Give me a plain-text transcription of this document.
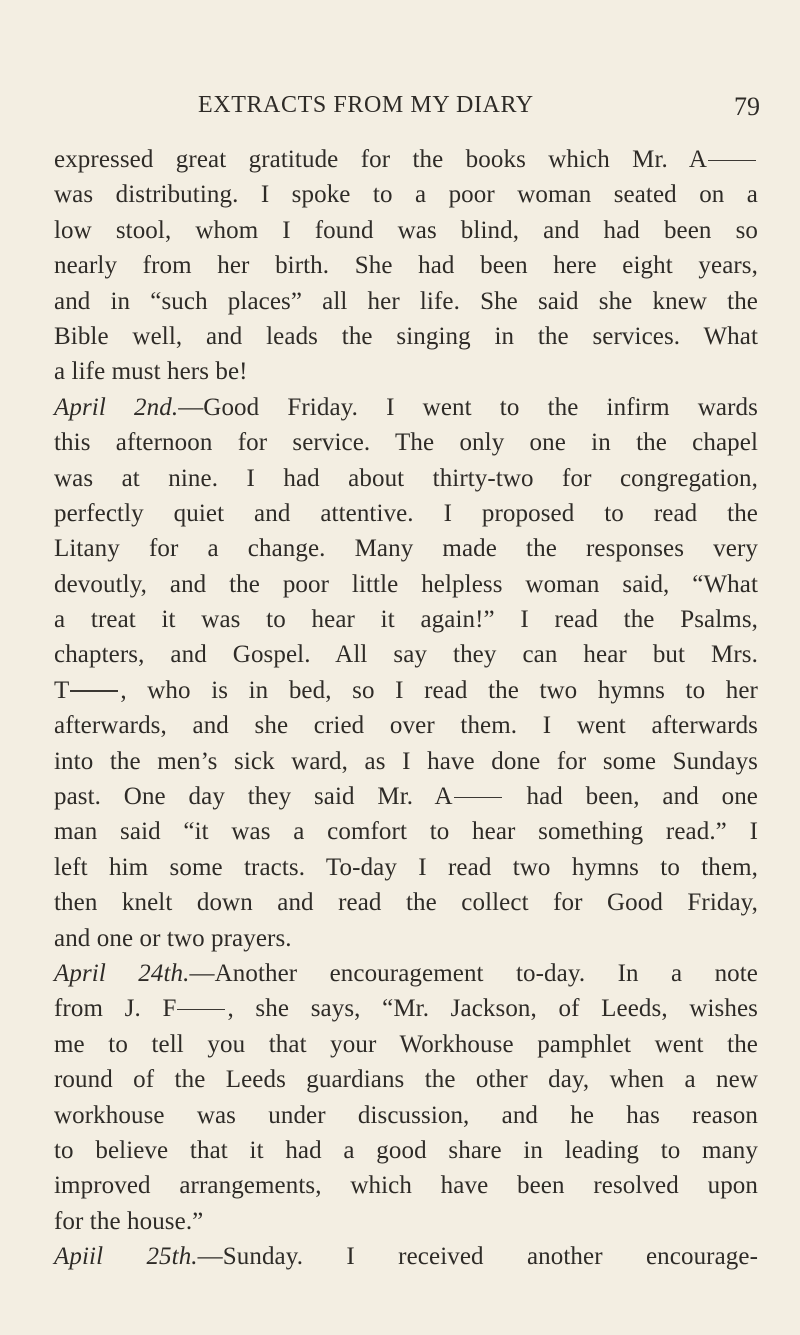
EXTRACTS FROM MY DIARY	79
expressed great gratitude for the books which Mr. A
was distributing. I spoke to a poor woman seated on a
low stool, whom I found was blind, and had been so
nearly from her birth. She had been here eight years,
and in “such places” all her life. She said she knew the
Bible well, and leads the singing in the services. What
a life must hers be!
April 2nd.—Good Friday. I went to the infirm wards
this afternoon for service. The only one in the chapel
was at nine. I had about thirty-two for congregation,
perfectly quiet and attentive. I proposed to read the
Litany for a change. Many made the responses very
devoutly, and the poor little helpless woman said, “What
a treat it was to hear it again!” I read the Psalms,
chapters, and Gospel. All say they can hear but Mrs.
T , who is in bed, so I read the two hymns to her
afterwards, and she cried over them. I went afterwards
into the men’s sick ward, as I have done for some Sundays
past. One day they said Mr. A	had been, and one
man said “it was a comfort to hear something read.” I
left him some tracts. To-day I read two hymns to them,
then knelt down and read the collect for Good Friday,
and one or two prayers.
April 24th.—Another encouragement to-day. In a note
from J. F , she says, “Mr. Jackson, of Leeds, wishes
me to tell you that your Workhouse pamphlet went the
round of the Leeds guardians the other day, when a new
workhouse was under discussion, and he has reason
to believe that it had a good share in leading to many
improved arrangements, which have been resolved upon
for the house.”
Apiil 25th.—Sunday. I received another encourage-
